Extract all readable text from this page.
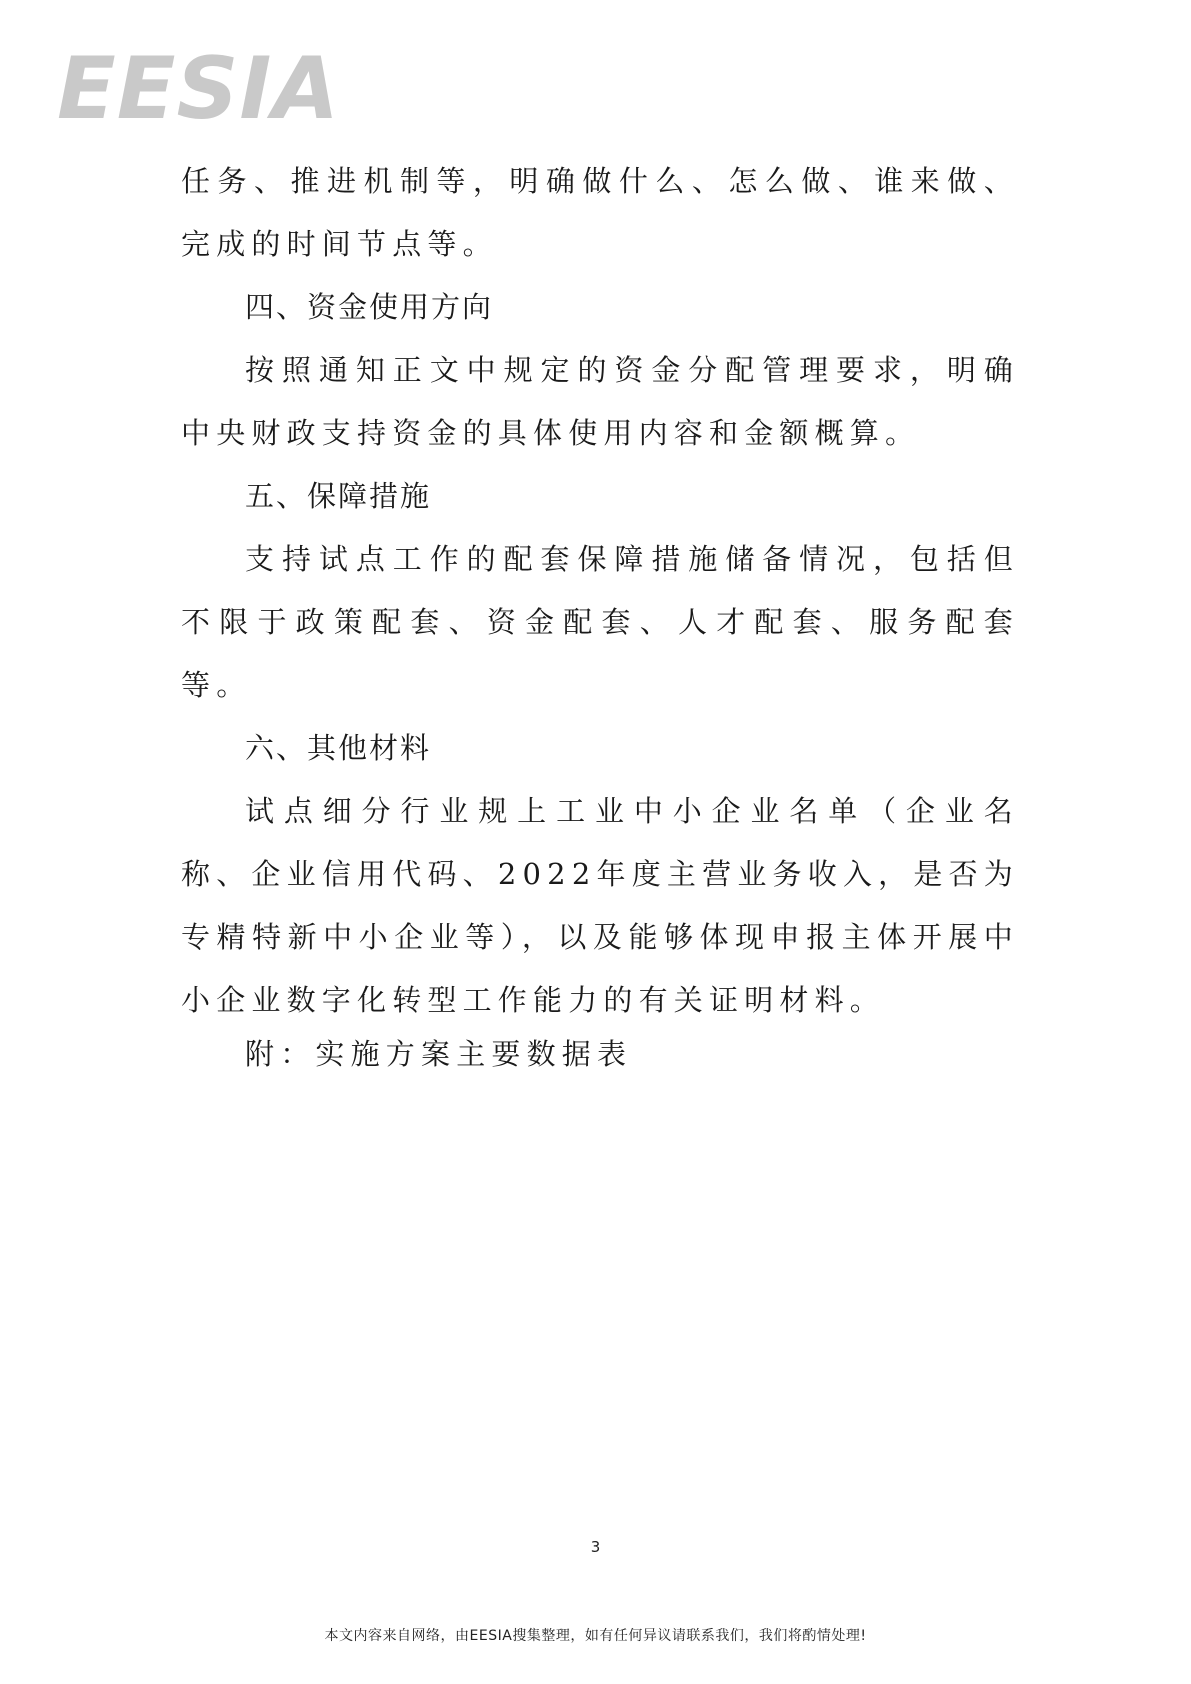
EESIA

任务、推进机制等，明确做什么、怎么做、谁来做、完成的时间节点等。

四、资金使用方向

按照通知正文中规定的资金分配管理要求，明确中央财政支持资金的具体使用内容和金额概算。

五、保障措施

支持试点工作的配套保障措施储备情况，包括但不限于政策配套、资金配套、人才配套、服务配套等。

六、其他材料

试点细分行业规上工业中小企业名单（企业名称、企业信用代码、2022年度主营业务收入，是否为专精特新中小企业等），以及能够体现申报主体开展中小企业数字化转型工作能力的有关证明材料。

附：实施方案主要数据表
3
本文内容来自网络，由EESIA搜集整理，如有任何异议请联系我们，我们将酌情处理!
